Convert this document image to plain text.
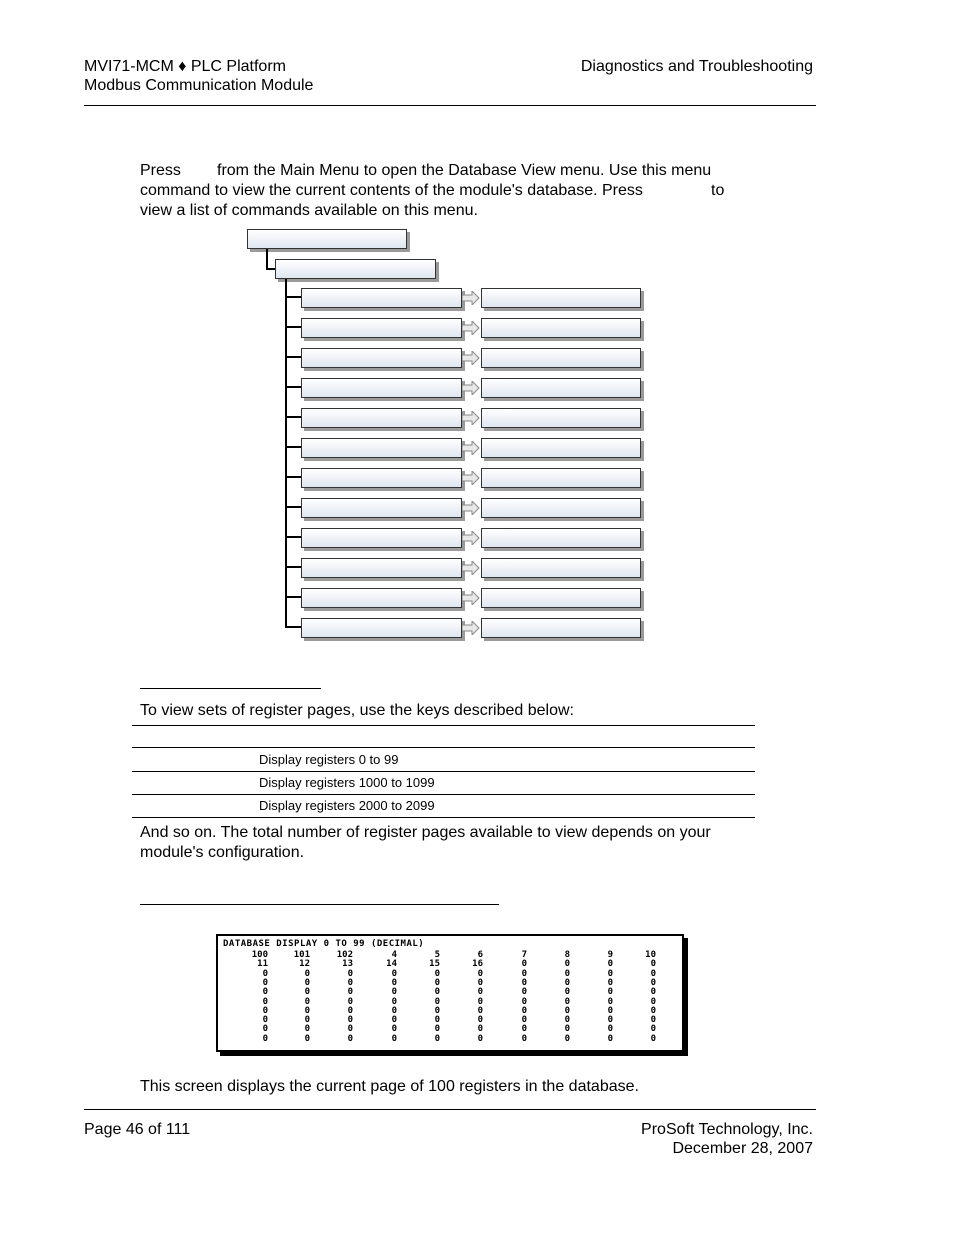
MVI71-MCM ♦ PLC Platform
Modbus Communication Module
Diagnostics and Troubleshooting
Press from the Main Menu to open the Database View menu. Use this menu
command to view the current contents of the module's database. Press	to
view a list of commands available on this menu.
To view sets of register pages, use the keys described below:
Display registers 0 to 99
Display registers 1000 to 1099
Display registers 2000 to 2099
And so on. The total number of register pages available to view depends on your
module's configuration.
DATABASE DISPLAY 0 TO 99 (DECIMAL)
100	101	102	4	5	6	7	8	9	10
11	12	13	14	15	16	0	0	0	0
0	0	0	0	0	0	0	0	0	0
0	0	0	0	0	0	0	0	0	0
0	0	0	0	0	0	0	0	0	0
0	0	0	0	0	0	0	0	0	0
0	0	0	0	0	0	0	0	0	0
0	0	0	0	0	0	0	0	0	0
0	0	0	0	0	0	0	0	0	0
0	0	0	0	0	0	0	0	0	0
This screen displays the current page of 100 registers in the database.
Page 46 of 111	ProSoft Technology, Inc.
December 28, 2007
